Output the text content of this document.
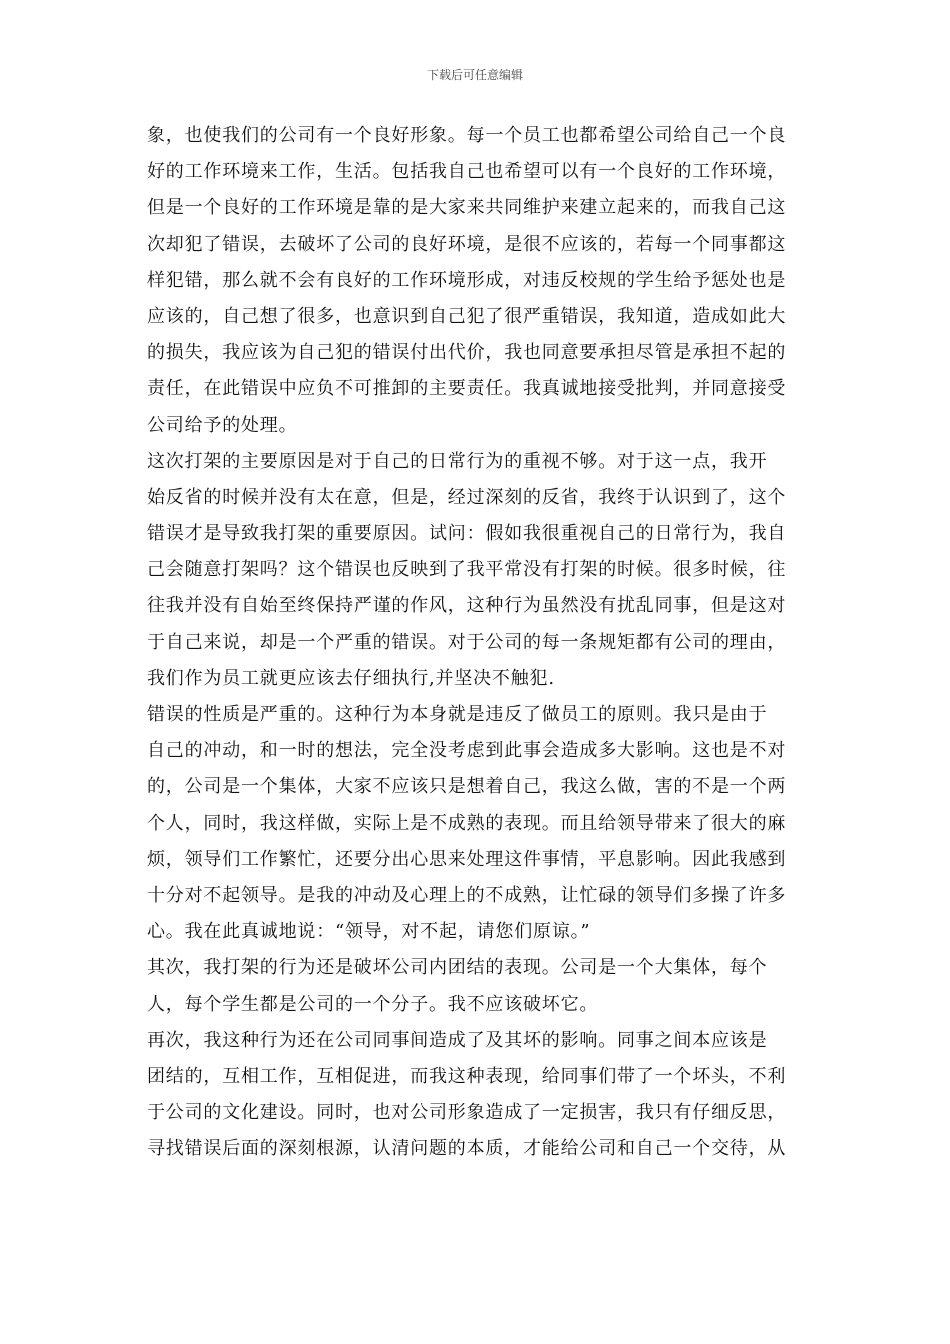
下载后可任意编辑
象，也使我们的公司有一个良好形象。每一个员工也都希望公司给自己一个良
好的工作环境来工作，生活。包括我自己也希望可以有一个良好的工作环境，
但是一个良好的工作环境是靠的是大家来共同维护来建立起来的，而我自己这
次却犯了错误，去破坏了公司的良好环境，是很不应该的，若每一个同事都这
样犯错，那么就不会有良好的工作环境形成，对违反校规的学生给予惩处也是
应该的，自己想了很多，也意识到自己犯了很严重错误，我知道，造成如此大
的损失，我应该为自己犯的错误付出代价，我也同意要承担尽管是承担不起的
责任，在此错误中应负不可推卸的主要责任。我真诚地接受批判，并同意接受
公司给予的处理。
这次打架的主要原因是对于自己的日常行为的重视不够。对于这一点，我开
始反省的时候并没有太在意，但是，经过深刻的反省，我终于认识到了，这个
错误才是导致我打架的重要原因。试问：假如我很重视自己的日常行为，我自
己会随意打架吗？这个错误也反映到了我平常没有打架的时候。很多时候，往
往我并没有自始至终保持严谨的作风，这种行为虽然没有扰乱同事，但是这对
于自己来说，却是一个严重的错误。对于公司的每一条规矩都有公司的理由，
我们作为员工就更应该去仔细执行,并坚决不触犯.
错误的性质是严重的。这种行为本身就是违反了做员工的原则。我只是由于
自己的冲动，和一时的想法，完全没考虑到此事会造成多大影响。这也是不对
的，公司是一个集体，大家不应该只是想着自己，我这么做，害的不是一个两
个人，同时，我这样做，实际上是不成熟的表现。而且给领导带来了很大的麻
烦，领导们工作繁忙，还要分出心思来处理这件事情，平息影响。因此我感到
十分对不起领导。是我的冲动及心理上的不成熟，让忙碌的领导们多操了许多
心。我在此真诚地说：“领导，对不起，请您们原谅。”
其次，我打架的行为还是破坏公司内团结的表现。公司是一个大集体，每个
人，每个学生都是公司的一个分子。我不应该破坏它。
再次，我这种行为还在公司同事间造成了及其坏的影响。同事之间本应该是
团结的，互相工作，互相促进，而我这种表现，给同事们带了一个坏头，不利
于公司的文化建设。同时，也对公司形象造成了一定损害，我只有仔细反思，
寻找错误后面的深刻根源，认清问题的本质，才能给公司和自己一个交待，从
